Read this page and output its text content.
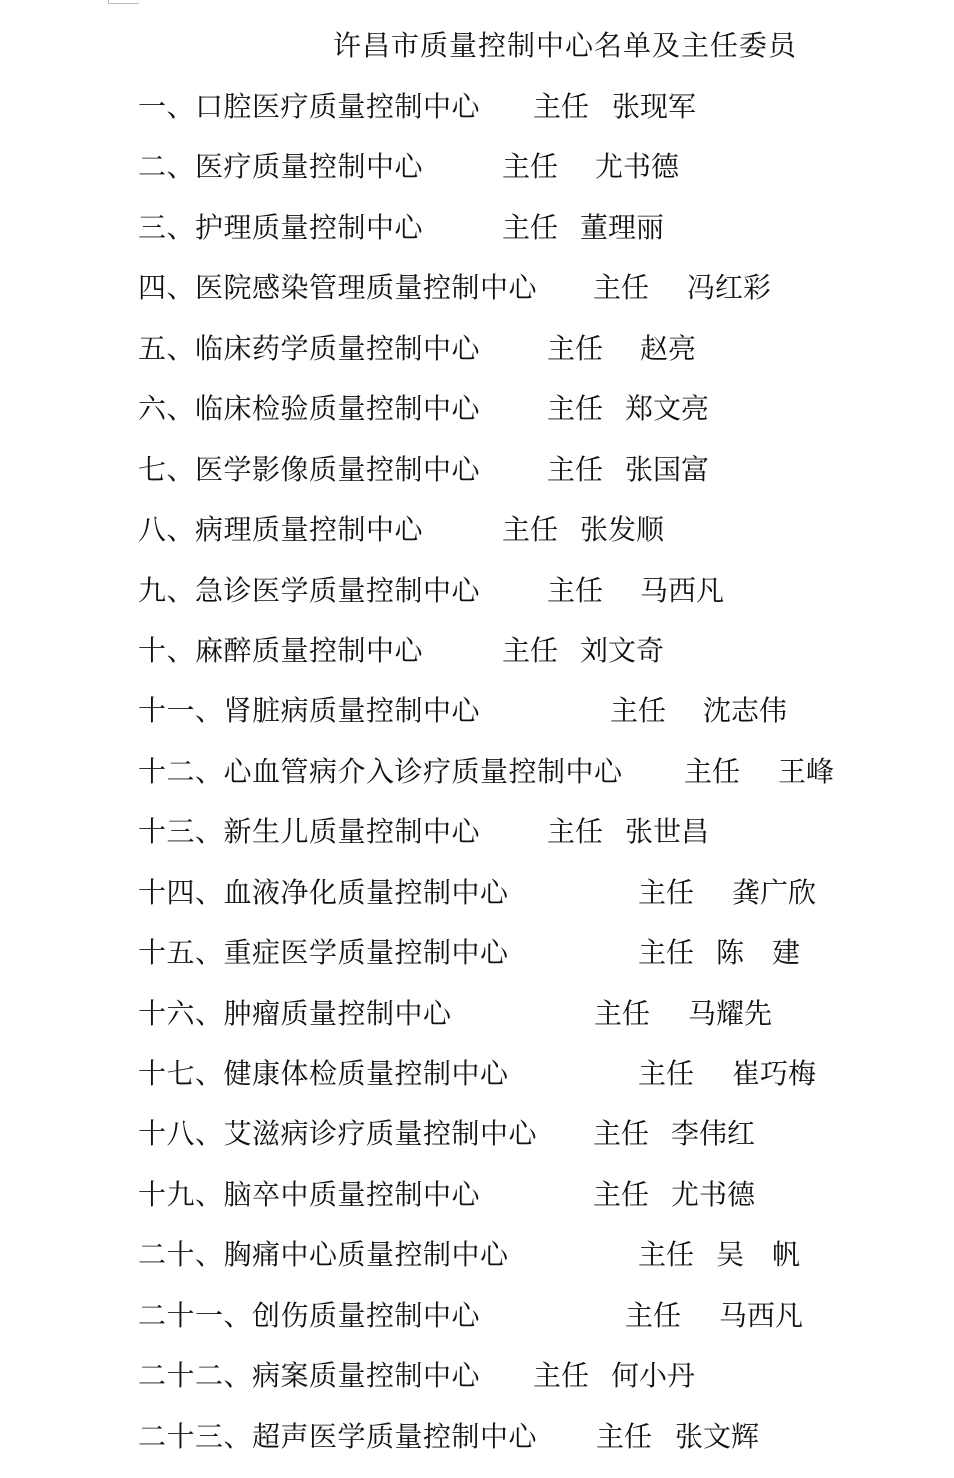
许昌市质量控制中心名单及主任委员
一、口腔医疗质量控制中心 主任 张现军
二、医疗质量控制中心	主任 尤书德
三、护理质量控制中心	主任 董理丽
四、医院感染管理质量控制中心 主任 冯红彩
五、临床药学质量控制中心 主任 赵亮
六、临床检验质量控制中心 主任 郑文亮
七、医学影像质量控制中心 主任 张国富
八、病理质量控制中心	主任 张发顺
九、急诊医学质量控制中心 主任 马西凡
十、麻醉质量控制中心	主任 刘文奇
十一、肾脏病质量控制中心	主任 沈志伟
十二、心血管病介入诊疗质量控制中心 主任 王峰
十三、新生儿质量控制中心 主任 张世昌
十四、血液净化质量控制中心	主任 龚广欣
十五、重症医学质量控制中心	主任 陈　建
十六、肿瘤质量控制中心	主任 马耀先
十七、健康体检质量控制中心	主任 崔巧梅
十八、艾滋病诊疗质量控制中心 主任 李伟红
十九、脑卒中质量控制中心	主任 尤书德
二十、胸痛中心质量控制中心	主任 吴　帆
二十一、创伤质量控制中心	主任 马西凡
二十二、病案质量控制中心 主任 何小丹
二十三、超声医学质量控制中心 主任 张文辉
